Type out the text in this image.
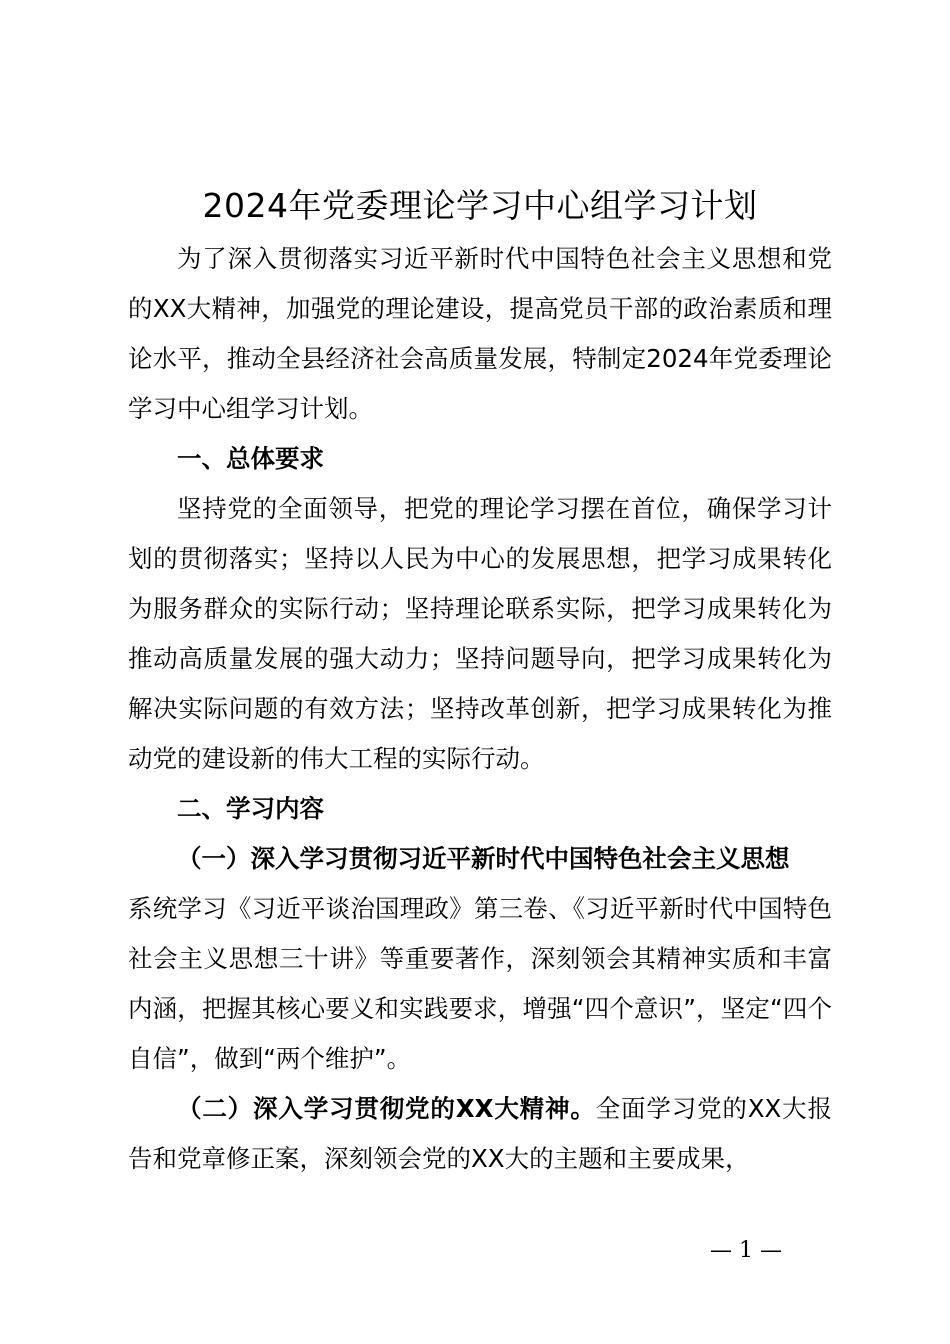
2024年党委理论学习中心组学习计划

为了深入贯彻落实习近平新时代中国特色社会主义思想和党的XX大精神，加强党的理论建设，提高党员干部的政治素质和理论水平，推动全县经济社会高质量发展，特制定2024年党委理论学习中心组学习计划。

一、总体要求

坚持党的全面领导，把党的理论学习摆在首位，确保学习计划的贯彻落实；坚持以人民为中心的发展思想，把学习成果转化为服务群众的实际行动；坚持理论联系实际，把学习成果转化为推动高质量发展的强大动力；坚持问题导向，把学习成果转化为解决实际问题的有效方法；坚持改革创新，把学习成果转化为推动党的建设新的伟大工程的实际行动。

二、学习内容

（一）深入学习贯彻习近平新时代中国特色社会主义思想

系统学习《习近平谈治国理政》第三卷、《习近平新时代中国特色社会主义思想三十讲》等重要著作，深刻领会其精神实质和丰富内涵，把握其核心要义和实践要求，增强“四个意识”，坚定“四个自信”，做到“两个维护”。

（二）深入学习贯彻党的XX大精神。全面学习党的XX大报告和党章修正案，深刻领会党的XX大的主题和主要成果，

— 1 —
